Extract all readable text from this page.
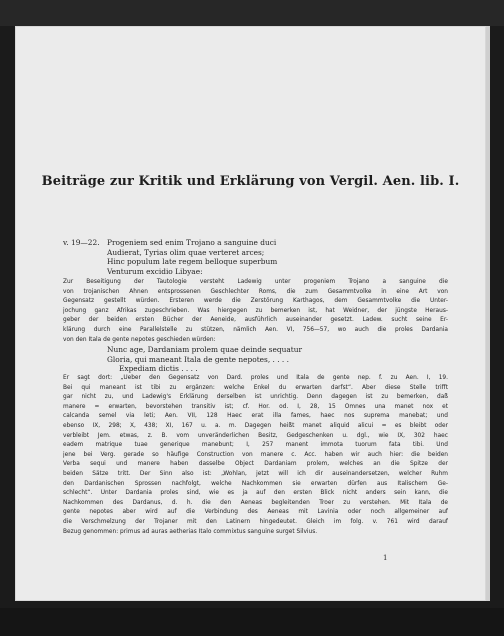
Beiträge zur Kritik und Erklärung von Vergil. Aen. lib. I.
v. 19—22. Progeniem sed enim Trojano a sanguine duci
Audierat, Tyrias olim quae verteret arces;
Hinc populum late regem belloque superbum
Venturum excidio Libyae:
Zur Beseitigung der Tautologie versteht Ladewig unter progeniem Trojano a sanguine die
von trojanischen Ahnen entsprossenen Geschlechter Roms, die zum Gesammtvolke in eine Art von
Gegensatz gestellt würden. Ersteren werde die Zerstörung Karthagos, dem Gesammtvolke die Unter-
jochung ganz Afrikas zugeschrieben. Was hiergegen zu bemerken ist, hat Weidner, der jüngste Heraus-
geber der beiden ersten Bücher der Aeneide, ausführlich auseinander gesetzt. Ladew. sucht seine Er-
klärung durch eine Parallelstelle zu stützen, nämlich Aen. VI, 756—57, wo auch die proles Dardania
von den Itala de gente nepotes geschieden würden:
Nunc age, Dardaniam prolem quae deinde sequatur
Gloria, qui maneant Itala de gente nepotes, . . . .
Expediam dictis . . . .
Er sagt dort: „Ueber den Gegensatz von Dard. proles und Itala de gente nep. f. zu Aen. I, 19.
Bei qui maneant ist tibi zu ergänzen: welche Enkel du erwarten darfst“. Aber diese Stelle trifft
gar nicht zu, und Ladewig's Erklärung derselben ist unrichtig. Denn dagegen ist zu bemerken, daß
manere = erwarten, bevorstehen transitiv ist; cf. Hor. od. I, 28, 15 Omnes una manet nox et
calcanda semel via leti; Aen. VII, 128 Haec erat illa fames, haec nos suprema manebat; und
ebenso IX, 298; X, 438; XI, 167 u. a. m. Dagegen heißt manet aliquid alicui = es bleibt oder
verbleibt Jem. etwas, z. B. vom unveränderlichen Besitz, Gedgeschenken u. dgl., wie IX, 302 haec
eadem matrique tuae generique manebunt; I, 257 manent immota tuorum fata tibi. Und
jene bei Verg. gerade so häufige Construction von manere c. Acc. haben wir auch hier: die beiden
Verba sequi und manere haben dasselbe Object Dardaniam prolem, welches an die Spitze der
beiden Sätze tritt. Der Sinn also ist: „Wohlan, jetzt will ich dir auseinandersetzen, welcher Ruhm
den Dardanischen Sprossen nachfolgt, welche Nachkommen sie erwarten dürfen aus Italischem Ge-
schlecht“. Unter Dardania proles sind, wie es ja auf den ersten Blick nicht anders sein kann, die
Nachkommen des Dardanus, d. h. die den Aeneas begleitenden Troer zu verstehen. Mit Itala de
gente nepotes aber wird auf die Verbindung des Aeneas mit Lavinia oder noch allgemeiner auf
die Verschmelzung der Trojaner mit den Latinern hingedeutet. Gleich im folg. v. 761 wird darauf
Bezug genommen: primus ad auras aetherias Italo commixtus sanguine surget Silvius.
1
